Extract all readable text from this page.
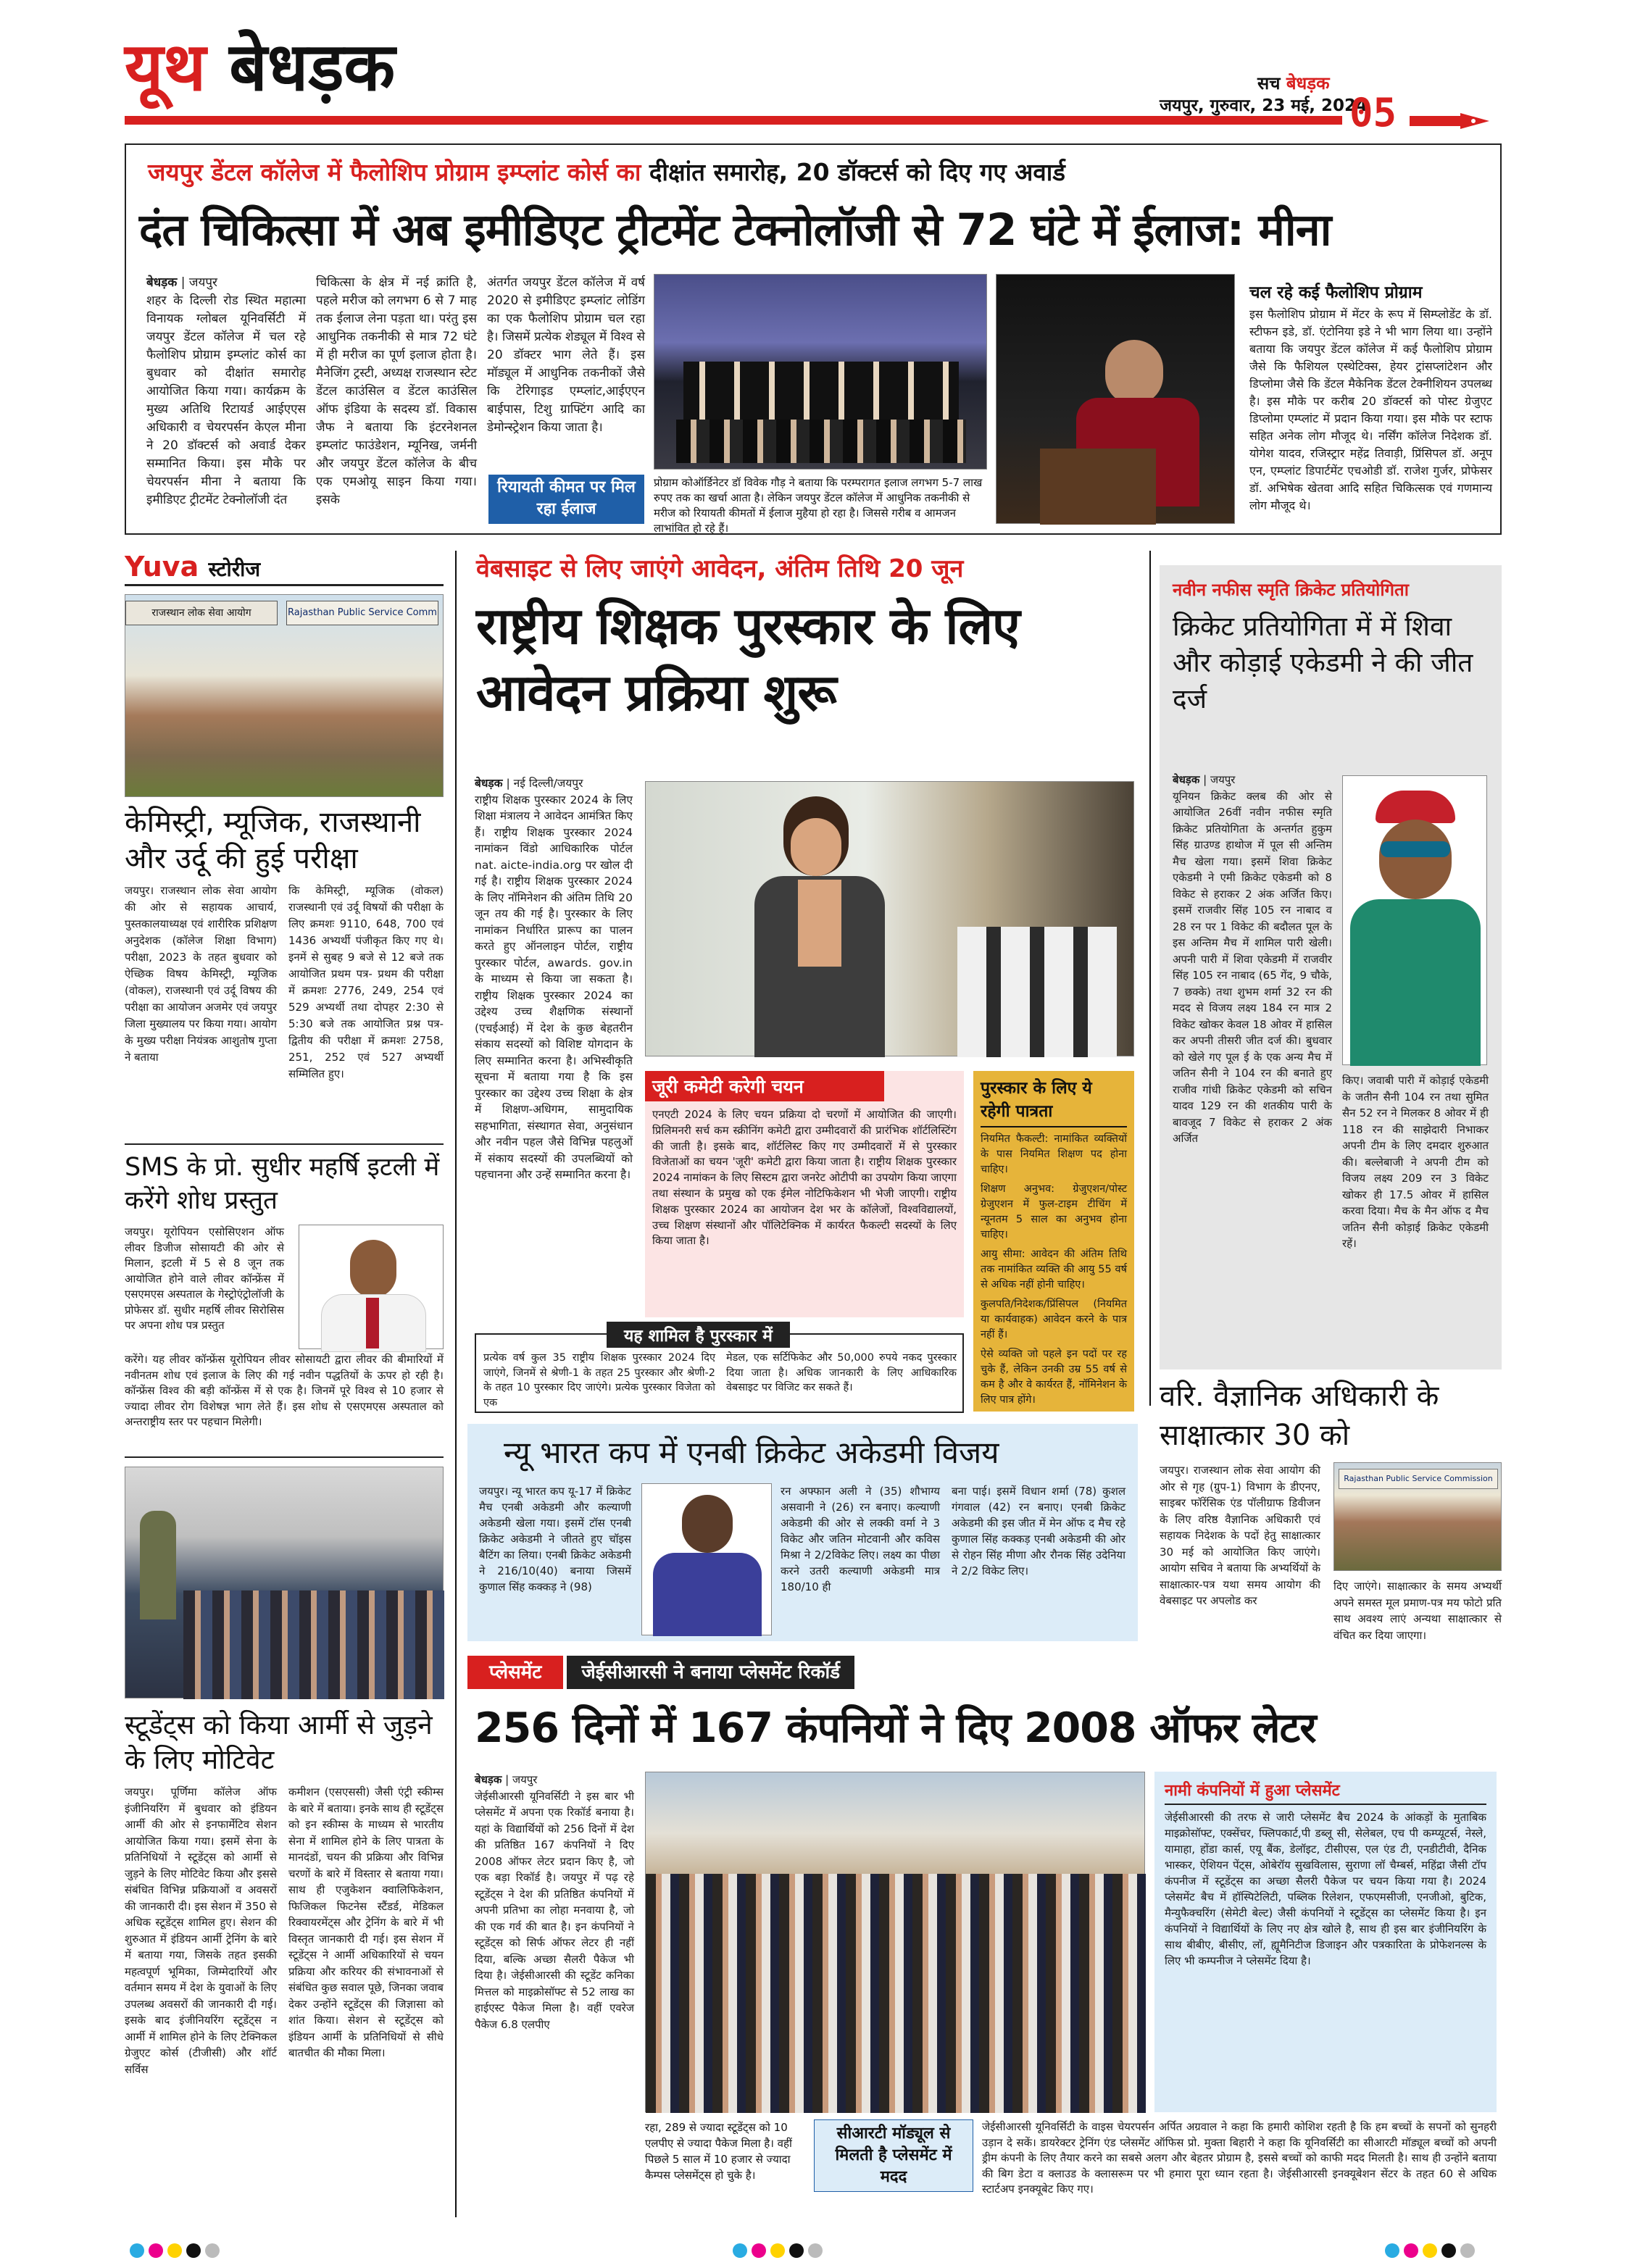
यूथ बेधड़क	सच बेधड़क
जयपुर, गुरुवार, 23 मई, 2024
05
जयपुर डेंटल कॉलेज में फैलोशिप प्रोग्राम इम्प्लांट कोर्स का दीक्षांत समारोह, 20 डॉक्टर्स को दिए गए अवार्ड
दंत चिकित्सा में अब इमीडिएट ट्रीटमेंट टेक्नोलॉजी से 72 घंटे में ईलाज: मीना
बेधड़क | जयपुर
शहर के दिल्ली रोड स्थित महात्मा विनायक ग्लोबल यूनिवर्सिटी में जयपुर डेंटल कॉलेज में चल रहे फैलोशिप प्रोग्राम इम्प्लांट कोर्स का बुधवार को दीक्षांत समारोह आयोजित किया गया। कार्यक्रम के मुख्य अतिथि रिटायर्ड आईएएस अधिकारी व चेयरपर्सन केएल मीना ने 20 डॉक्टर्स को अवार्ड देकर सम्मानित किया। इस मौके पर चेयरपर्सन मीना ने बताया कि इमीडिएट ट्रीटमेंट टेक्नोलॉजी दंत
चिकित्सा के क्षेत्र में नई क्रांति है, पहले मरीज को लगभग 6 से 7 माह तक ईलाज लेना पड़ता था। परंतु इस आधुनिक तकनीकी से मात्र 72 घंटे में ही मरीज का पूर्ण इलाज होता है। मैनेजिंग ट्रस्टी, अध्यक्ष राजस्थान स्टेट डेंटल काउंसिल व डेंटल काउंसिल ऑफ इंडिया के सदस्य डॉ. विकास जैफ ने बताया कि इंटरनेशनल इम्प्लांट फाउंडेशन, म्यूनिख, जर्मनी और जयपुर डेंटल कॉलेज के बीच एक एमओयू साइन किया गया। इसके
अंतर्गत जयपुर डेंटल कॉलेज में वर्ष 2020 से इमीडिएट इम्प्लांट लोडिंग का एक फैलोशिप प्रोग्राम चल रहा है। जिसमें प्रत्येक शेड्यूल में विश्व से 20 डॉक्टर भाग लेते हैं। इस मॉड्यूल में आधुनिक तकनीकों जैसे कि टेरिगाइड एम्प्लांट,आईएएन बाईपास, टिशु ग्राफ्टिंग आदि का डेमोन्स्ट्रेशन किया जाता है।
रियायती कीमत पर मिल रहा ईलाज
प्रोग्राम कोऑर्डिनेटर डॉ विवेक गौड़ ने बताया कि परम्परागत इलाज लगभग 5-7 लाख रुपए तक का खर्चा आता है। लेकिन जयपुर डेंटल कॉलेज में आधुनिक तकनीकी से मरीज को रियायती कीमतों में ईलाज मुहैया हो रहा है। जिससे गरीब व आमजन लाभांवित हो रहे हैं।
चल रहे कई फैलोशिप प्रोग्राम
इस फैलोशिप प्रोग्राम में मेंटर के रूप में सिम्प्लोडेंट के डॉ. स्टीफन इडे, डॉ. एंटोनिया इडे ने भी भाग लिया था। उन्होंने बताया कि जयपुर डेंटल कॉलेज में कई फैलोशिप प्रोग्राम जैसे कि फैशियल एस्थेटिक्स, हेयर ट्रांसप्लांटेशन और डिप्लोमा जैसे कि डेंटल मैकेनिक डेंटल टेक्नीशियन उपलब्ध है। इस मौके पर करीब 20 डॉक्टर्स को पोस्ट ग्रेजुएट डिप्लोमा एम्प्लांट में प्रदान किया गया। इस मौके पर स्टाफ सहित अनेक लोग मौजूद थे। नर्सिंग कॉलेज निदेशक डॉ. योगेश यादव, रजिस्ट्रार महेंद्र तिवाड़ी, प्रिंसिपल डॉ. अनूप एन, एम्प्लांट डिपार्टमेंट एचओडी डॉ. राजेश गुर्जर, प्रोफेसर डॉ. अभिषेक खेतवा आदि सहित चिकित्सक एवं गणमान्य लोग मौजूद थे।
Yuva स्टोरीज
राजस्थान लोक सेवा आयोग	Rajasthan Public Service Comm
केमिस्ट्री, म्यूजिक, राजस्थानी और उर्दू की हुई परीक्षा
जयपुर। राजस्थान लोक सेवा आयोग की ओर से सहायक आचार्य, पुस्तकालयाध्यक्ष एवं शारीरिक प्रशिक्षण अनुदेशक (कॉलेज शिक्षा विभाग) परीक्षा, 2023 के तहत बुधवार को ऐच्छिक विषय केमिस्ट्री, म्यूजिक (वोकल), राजस्थानी एवं उर्दू विषय की परीक्षा का आयोजन अजमेर एवं जयपुर जिला मुख्यालय पर किया गया। आयोग के मुख्य परीक्षा नियंत्रक आशुतोष गुप्ता ने बताया
कि केमिस्ट्री, म्यूजिक (वोकल) राजस्थानी एवं उर्दू विषयों की परीक्षा के लिए क्रमशः 9110, 648, 700 एवं 1436 अभ्यर्थी पंजीकृत किए गए थे। इनमें से सुबह 9 बजे से 12 बजे तक आयोजित प्रथम पत्र- प्रथम की परीक्षा में क्रमशः 2776, 249, 254 एवं 529 अभ्यर्थी तथा दोपहर 2:30 से 5:30 बजे तक आयोजित प्रश्न पत्र- द्वितीय की परीक्षा में क्रमशः 2758, 251, 252 एवं 527 अभ्यर्थी सम्मिलित हुए।
SMS के प्रो. सुधीर महर्षि इटली में करेंगे शोध प्रस्तुत
जयपुर। यूरोपियन एसोसिएशन ऑफ लीवर डिजीज सोसायटी की ओर से मिलान, इटली में 5 से 8 जून तक आयोजित होने वाले लीवर कॉन्फ्रेंस में एसएमएस अस्पताल के गेस्ट्रोएंट्रोलॉजी के प्रोफेसर डॉ. सुधीर महर्षि लीवर सिरोसिस पर अपना शोध पत्र प्रस्तुत
करेंगे। यह लीवर कॉन्फ्रेंस यूरोपियन लीवर सोसायटी द्वारा लीवर की बीमारियों में नवीनतम शोध एवं इलाज के लिए की गई नवीन पद्धतियों के ऊपर हो रही है। कॉन्फ्रेंस विश्व की बड़ी कॉन्फ्रेंस में से एक है। जिनमें पूरे विश्व से 10 हजार से ज्यादा लीवर रोग विशेषज्ञ भाग लेते हैं। इस शोध से एसएमएस अस्पताल को अन्तराष्ट्रीय स्तर पर पहचान मिलेगी।
स्टूडेंट्स को किया आर्मी से जुड़ने के लिए मोटिवेट
जयपुर। पूर्णिमा कॉलेज ऑफ इंजीनियरिंग में बुधवार को इंडियन आर्मी की ओर से इनफार्मेटिव सेशन आयोजित किया गया। इसमें सेना के प्रतिनिधियों ने स्टूडेंट्स को आर्मी से जुड़ने के लिए मोटिवेट किया और इससे संबंधित विभिन्न प्रक्रियाओं व अवसरों की जानकारी दी। इस सेशन में 350 से अधिक स्टूडेंट्स शामिल हुए। सेशन की शुरुआत में इंडियन आर्मी ट्रेनिंग के बारे में बताया गया, जिसके तहत इसकी महत्वपूर्ण भूमिका, जिम्मेदारियों और वर्तमान समय में देश के युवाओं के लिए उपलब्ध अवसरों की जानकारी दी गई। इसके बाद इंजीनियरिंग स्टूडेंट्स न आर्मी में शामिल होने के लिए टेक्निकल ग्रेजुएट कोर्स (टीजीसी) और शॉर्ट सर्विस
कमीशन (एसएससी) जैसी एंट्री स्कीम्स के बारे में बताया। इनके साथ ही स्टूडेंट्स को इन स्कीम्स के माध्यम से भारतीय सेना में शामिल होने के लिए पात्रता के मानदंडों, चयन की प्रक्रिया और विभिन्न चरणों के बारे में विस्तार से बताया गया। साथ ही एजुकेशन क्वालिफिकेशन, फिजिकल फिटनेस स्टैंडर्ड, मेडिकल रिक्वायरमेंट्स और ट्रेनिंग के बारे में भी विस्तृत जानकारी दी गई। इस सेशन में स्टूडेंट्स ने आर्मी अधिकारियों से चयन प्रक्रिया और करियर की संभावनाओं से संबंधित कुछ सवाल पूछे, जिनका जवाब देकर उन्होंने स्टूडेंट्स की जिज्ञासा को शांत किया। सेशन से स्टूडेंट्स को इंडियन आर्मी के प्रतिनिधियों से सीधे बातचीत की मौका मिला।
वेबसाइट से लिए जाएंगे आवेदन, अंतिम तिथि 20 जून
राष्ट्रीय शिक्षक पुरस्कार के लिए आवेदन प्रक्रिया शुरू
बेधड़क | नई दिल्ली/जयपुर
राष्ट्रीय शिक्षक पुरस्कार 2024 के लिए शिक्षा मंत्रालय ने आवेदन आमंत्रित किए हैं। राष्ट्रीय शिक्षक पुरस्कार 2024 नामांकन विंडो आधिकारिक पोर्टल nat. aicte-india.org पर खोल दी गई है। राष्ट्रीय शिक्षक पुरस्कार 2024 के लिए नॉमिनेशन की अंतिम तिथि 20 जून तय की गई है। पुरस्कार के लिए नामांकन निर्धारित प्रारूप का पालन करते हुए ऑनलाइन पोर्टल, राष्ट्रीय पुरस्कार पोर्टल, awards. gov.in के माध्यम से किया जा सकता है। राष्ट्रीय शिक्षक पुरस्कार 2024 का उद्देश्य उच्च शैक्षणिक संस्थानों (एचईआई) में देश के कुछ बेहतरीन संकाय सदस्यों को विशिष्ट योगदान के लिए सम्मानित करना है। अभिस्वीकृति सूचना में बताया गया है कि इस पुरस्कार का उद्देश्य उच्च शिक्षा के क्षेत्र में शिक्षण-अधिगम, सामुदायिक सहभागिता, संस्थागत सेवा, अनुसंधान और नवीन पहल जैसे विभिन्न पहलुओं में संकाय सदस्यों की उपलब्धियों को पहचानना और उन्हें सम्मानित करना है।
जूरी कमेटी करेगी चयन
एनएटी 2024 के लिए चयन प्रक्रिया दो चरणों में आयोजित की जाएगी। प्रिलिमनरी सर्च कम स्क्रीनिंग कमेटी द्वारा उम्मीदवारों की प्रारंभिक शॉर्टलिस्टिंग की जाती है। इसके बाद, शॉर्टलिस्ट किए गए उम्मीदवारों में से पुरस्कार विजेताओं का चयन 'जूरी' कमेटी द्वारा किया जाता है। राष्ट्रीय शिक्षक पुरस्कार 2024 नामांकन के लिए सिस्टम द्वारा जनरेट ओटीपी का उपयोग किया जाएगा तथा संस्थान के प्रमुख को एक ईमेल नोटिफिकेशन भी भेजी जाएगी। राष्ट्रीय शिक्षक पुरस्कार 2024 का आयोजन देश भर के कॉलेजों, विश्वविद्यालयों, उच्च शिक्षण संस्थानों और पॉलिटेक्निक में कार्यरत फैकल्टी सदस्यों के लिए किया जाता है।
पुरस्कार के लिए ये रहेगी पात्रता
नियमित फैकल्टी: नामांकित व्यक्तियों के पास नियमित शिक्षण पद होना चाहिए।
शिक्षण अनुभव: ग्रेजुएशन/पोस्ट ग्रेजुएशन में फुल-टाइम टीचिंग में न्यूनतम 5 साल का अनुभव होना चाहिए।
आयु सीमा: आवेदन की अंतिम तिथि तक नामांकित व्यक्ति की आयु 55 वर्ष से अधिक नहीं होनी चाहिए।
कुलपति/निदेशक/प्रिंसिपल (नियमित या कार्यवाहक) आवेदन करने के पात्र नहीं हैं।
ऐसे व्यक्ति जो पहले इन पदों पर रह चुके हैं, लेकिन उनकी उम्र 55 वर्ष से कम है और वे कार्यरत हैं, नॉमिनेशन के लिए पात्र होंगे।
यह शामिल है पुरस्कार में
प्रत्येक वर्ष कुल 35 राष्ट्रीय शिक्षक पुरस्कार 2024 दिए जाएंगे, जिनमें से श्रेणी-1 के तहत 25 पुरस्कार और श्रेणी-2 के तहत 10 पुरस्कार दिए जाएंगे। प्रत्येक पुरस्कार विजेता को एक
मेडल, एक सर्टिफिकेट और 50,000 रुपये नकद पुरस्कार दिया जाता है। अधिक जानकारी के लिए आधिकारिक वेबसाइट पर विजिट कर सकते हैं।
नवीन नफीस स्मृति क्रिकेट प्रतियोगिता
क्रिकेट प्रतियोगिता में में शिवा और कोड़ाई एकेडमी ने की जीत दर्ज
बेधड़क | जयपुर
यूनियन क्रिकेट क्लब की ओर से आयोजित 26वीं नवीन नफीस स्मृति क्रिकेट प्रतियोगिता के अन्तर्गत हुकुम सिंह ग्राउण्ड हाथोज में पूल सी अन्तिम मैच खेला गया। इसमें शिवा क्रिकेट एकेडमी ने एमी क्रिकेट एकेडमी को 8 विकेट से हराकर 2 अंक अर्जित किए। इसमें राजवीर सिंह 105 रन नाबाद व 28 रन पर 1 विकेट की बदौलत पूल के इस अन्तिम मैच में शामिल पारी खेली। अपनी पारी में शिवा एकेडमी में राजवीर सिंह 105 रन नाबाद (65 गेंद, 9 चौके, 7 छक्के) तथा शुभम शर्मा 32 रन की मदद से विजय लक्ष्य 184 रन मात्र 2 विकेट खोकर केवल 18 ओवर में हासिल कर अपनी तीसरी जीत दर्ज की। बुधवार को खेले गए पूल ई के एक अन्य मैच में जतिन सैनी ने 104 रन की बनाते हुए राजीव गांधी क्रिकेट एकेडमी को सचिन यादव 129 रन की शतकीय पारी के बावजूद 7 विकेट से हराकर 2 अंक अर्जित
किए। जवाबी पारी में कोड़ाई एकेडमी के जतीन सैनी 104 रन तथा सुमित सैन 52 रन ने मिलकर 8 ओवर में ही 118 रन की साझेदारी निभाकर अपनी टीम के लिए दमदार शुरुआत की। बल्लेबाजी ने अपनी टीम को विजय लक्ष्य 209 रन 3 विकेट खोकर ही 17.5 ओवर में हासिल करवा दिया। मैच के मैन ऑफ द मैच जतिन सैनी कोड़ाई क्रिकेट एकेडमी रहें।
वरि. वैज्ञानिक अधिकारी के साक्षात्कार 30 को
जयपुर। राजस्थान लोक सेवा आयोग की ओर से गृह (ग्रुप-1) विभाग के डीएनए, साइबर फॉरेंसिक एंड पॉलीग्राफ डिवीजन के लिए वरिष्ठ वैज्ञानिक अधिकारी एवं सहायक निदेशक के पदों हेतु साक्षात्कार 30 मई को आयोजित किए जाएंगे। आयोग सचिव ने बताया कि अभ्यर्थियों के साक्षात्कार-पत्र यथा समय आयोग की वेबसाइट पर अपलोड कर
Rajasthan Public Service Commission
दिए जाएंगे। साक्षात्कार के समय अभ्यर्थी अपने समस्त मूल प्रमाण-पत्र मय फोटो प्रति साथ अवश्य लाएं अन्यथा साक्षात्कार से वंचित कर दिया जाएगा।
न्यू भारत कप में एनबी क्रिकेट अकेडमी विजय
जयपुर। न्यू भारत कप यू-17 में क्रिकेट मैच एनबी अकेडमी और कल्याणी अकेडमी खेला गया। इसमें टॉस एनबी क्रिकेट अकेडमी ने जीतते हुए चॉइस बैटिंग का लिया। एनबी क्रिकेट अकेडमी ने 216/10(40) बनाया जिसमें कुणाल सिंह कक्कड़ ने (98)
रन अफ्फान अली ने (35) शौभाग्य असवानी ने (26) रन बनाए। कल्याणी अकेडमी की ओर से लक्की वर्मा ने 3 विकेट और जतिन मोटवानी और कविस मिश्रा ने 2/2विकेट लिए। लक्ष्य का पीछा करने उतरी कल्याणी अकेडमी मात्र 180/10 ही
बना पाई। इसमें विधान शर्मा (78) कुशल गंगवाल (42) रन बनाए। एनबी क्रिकेट अकेडमी की इस जीत में मेन ऑफ द मैच रहे कुणाल सिंह कक्कड़ एनबी अकेडमी की ओर से रोहन सिंह मीणा और रौनक सिंह उदेनिया ने 2/2 विकेट लिए।
प्लेसमेंट जेईसीआरसी ने बनाया प्लेसमेंट रिकॉर्ड
256 दिनों में 167 कंपनियों ने दिए 2008 ऑफर लेटर
बेधड़क | जयपुर
जेईसीआरसी यूनिवर्सिटी ने इस बार भी प्लेसमेंट में अपना एक रिकॉर्ड बनाया है। यहां के विद्यार्थियों को 256 दिनों में देश की प्रतिष्ठित 167 कंपनियों ने दिए 2008 ऑफर लेटर प्रदान किए है, जो एक बड़ा रिकॉर्ड है। जयपुर में पढ़ रहे स्टूडेंट्स ने देश की प्रतिष्ठित कंपनियों में अपनी प्रतिभा का लोहा मनवाया है, जो की एक गर्व की बात है। इन कंपनियों ने स्टूडेंट्स को सिर्फ ऑफर लेटर ही नहीं दिया, बल्कि अच्छा सैलरी पैकेज भी दिया है। जेईसीआरसी की स्टूडेंट कनिका मित्तल को माइक्रोसॉफ्ट से 52 लाख का हाईएस्ट पैकेज मिला है। वहीं एवरेज पैकेज 6.8 एलपीए
रहा, 289 से ज्यादा स्टूडेंट्स को 10 एलपीए से ज्यादा पैकेज मिला है। वहीं पिछले 5 साल में 10 हजार से ज्यादा कैम्पस प्लेसमेंट्स हो चुके है।
सीआरटी मॉड्यूल से मिलती है प्लेसमेंट में मदद
जेईसीआरसी यूनिवर्सिटी के वाइस चेयरपर्सन अर्पित अग्रवाल ने कहा कि हमारी कोशिश रहती है कि हम बच्चों के सपनों को सुनहरी उड़ान दे सकें। डायरेक्टर ट्रेनिंग एंड प्लेसमेंट ऑफिस प्रो. मुक्ता बिहारी ने कहा कि यूनिवर्सिटी का सीआरटी मॉड्यूल बच्चों को अपनी ड्रीम कंपनी के लिए तैयार करने का सबसे अलग और बेहतर प्रोग्राम है, इससे बच्चों को काफी मदद मिलती है। साथ ही उन्होंने बताया की बिग डेटा व क्लाउड के क्लासरूम पर भी हमारा पूरा ध्यान रहता है। जेईसीआरसी इनक्यूबेशन सेंटर के तहत 60 से अधिक स्टार्टअप इनक्यूबेट किए गए।
नामी कंपनियों में हुआ प्लेसमेंट
जेईसीआरसी की तरफ से जारी प्लेसमेंट बैच 2024 के आंकड़ों के मुताबिक माइक्रोसॉफ्ट, एक्सेंचर, फ्लिपकार्ट,पी डब्लू सी, सेलेबल, एच पी कम्प्यूटर्स, नेस्ले, यामाहा, होंडा कार्स, एयू बैंक, डेलॉइट, टीसीएस, एल एंड टी, एनडीटीवी, दैनिक भास्कर, ऐशियन पेंट्स, ओबेरॉय सुखविलास, सुराणा लॉ चैम्बर्स, महिंद्रा जैसी टॉप कंपनीज में स्टूडेंट्स का अच्छा सैलरी पैकेज पर चयन किया गया है। 2024 प्लेसमेंट बैच में हॉस्पिटेलिटी, पब्लिक रिलेशन, एफएमसीजी, एनजीओ, बुटिक, मैन्युफैक्चरिंग (सेमेटी बेल्ट) जैसी कंपनियों ने स्टूडेंट्स का प्लेसमेंट किया है। इन कंपनियों ने विद्यार्थियों के लिए नए क्षेत्र खोले है, साथ ही इस बार इंजीनियरिंग के साथ बीबीए, बीसीए, लॉ, ह्यूमैनिटीज डिजाइन और पत्रकारिता के प्रोफेशनल्स के लिए भी कम्पनीज ने प्लेसमेंट दिया है।
